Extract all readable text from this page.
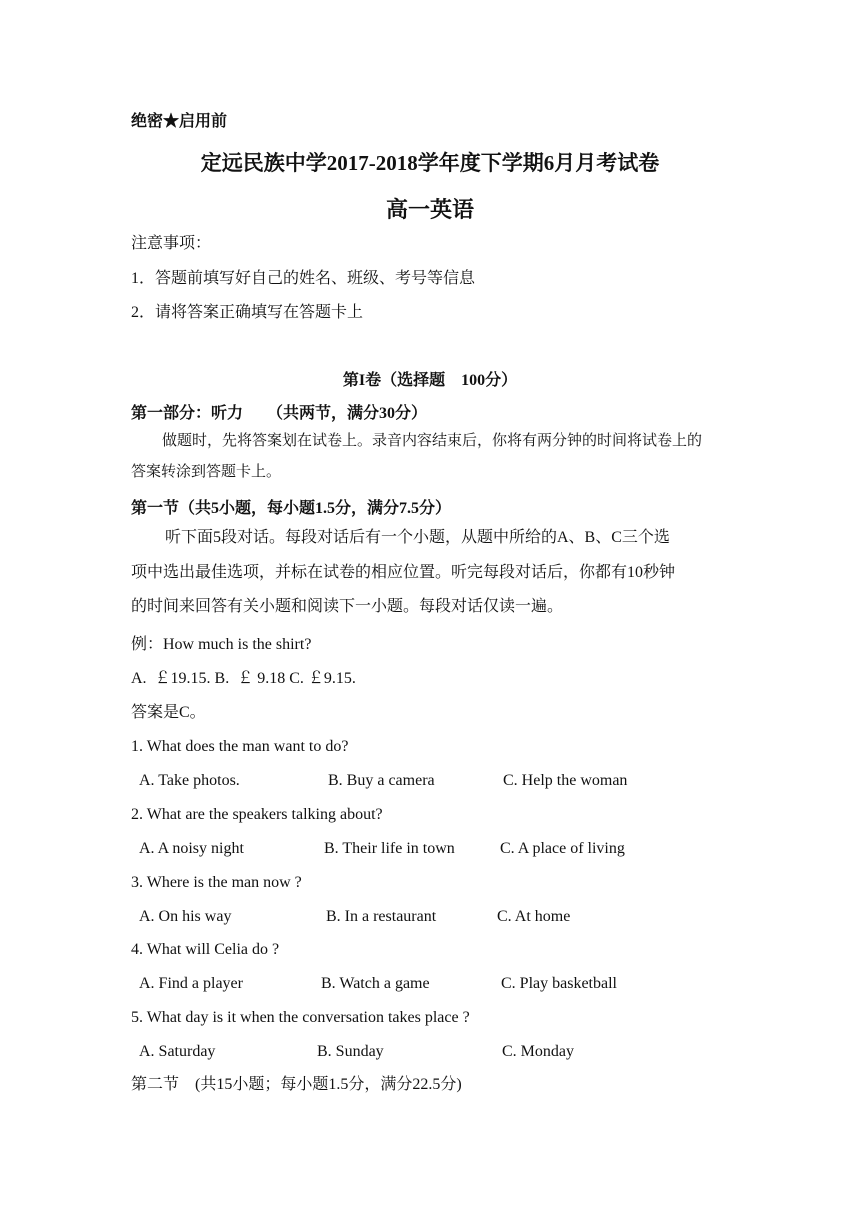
绝密★启用前
定远民族中学2017-2018学年度下学期6月月考试卷
高一英语
注意事项：
1．答题前填写好自己的姓名、班级、考号等信息
2．请将答案正确填写在答题卡上
第I卷（选择题　100分）
第一部分：听力　　（共两节，满分30分）
做题时，先将答案划在试卷上。录音内容结束后，你将有两分钟的时间将试卷上的
答案转涂到答题卡上。
第一节（共5小题，每小题1.5分，满分7.5分）
听下面5段对话。每段对话后有一个小题，从题中所给的A、B、C三个选
项中选出最佳选项，并标在试卷的相应位置。听完每段对话后，你都有10秒钟
的时间来回答有关小题和阅读下一小题。每段对话仅读一遍。
例：How much is the shirt?
A.  ￡19.15. B.  ￡ 9.18 C. ￡9.15.
答案是C。
1. What does the man want to do?
A. Take photos.	B. Buy a camera	C. Help the woman
2. What are the speakers talking about?
A. A noisy night	B. Their life in town	C. A place of living
3. Where is the man now ?
A. On his way	B. In a restaurant	C. At home
4. What will Celia do ?
A. Find a player	B. Watch a game	C. Play basketball
5. What day is it when the conversation takes place ?
A. Saturday	B. Sunday	C. Monday
第二节　(共15小题；每小题1.5分，满分22.5分)
